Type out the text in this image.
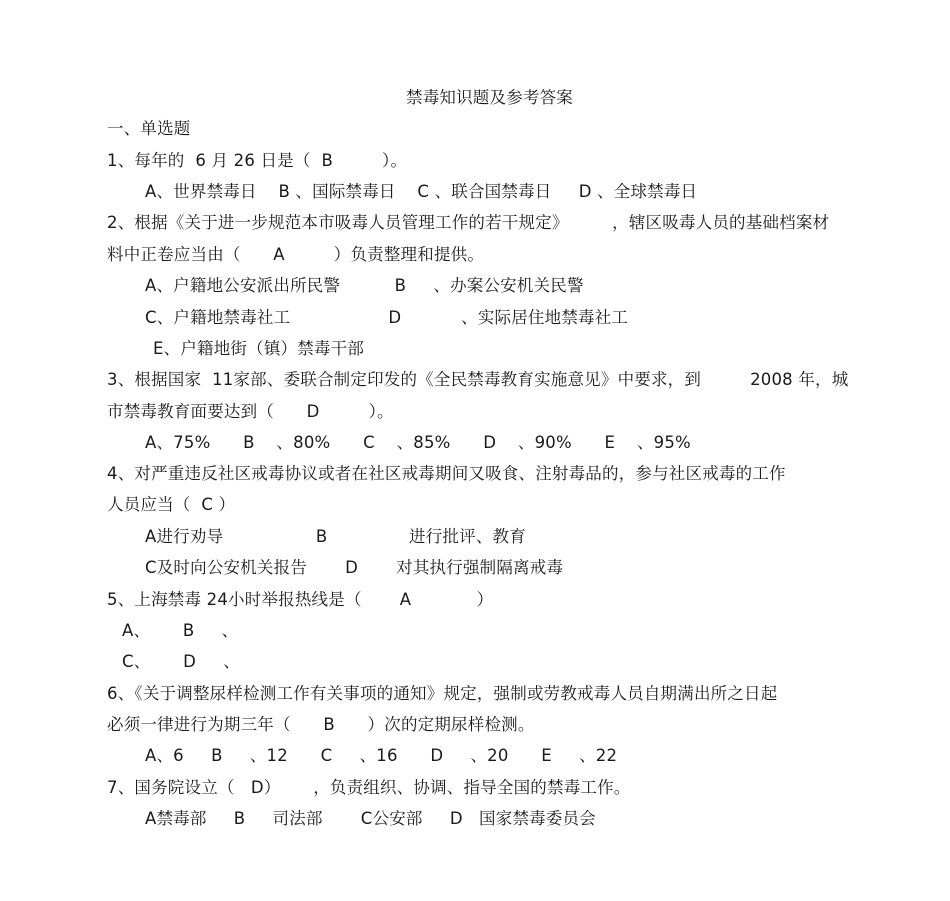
禁毒知识题及参考答案
一、单选题
1、每年的  6 月 26 日是（  B         ）。
A、世界禁毒日    B 、国际禁毒日    C 、联合国禁毒日     D 、全球禁毒日
2、根据《关于进一步规范本市吸毒人员管理工作的若干规定》        ，辖区吸毒人员的基础档案材
料中正卷应当由（      A         ）负责整理和提供。
A、户籍地公安派出所民警          B     、办案公安机关民警
C、户籍地禁毒社工                  D           、实际居住地禁毒社工
E、户籍地街（镇）禁毒干部
3、根据国家  11家部、委联合制定印发的《全民禁毒教育实施意见》中要求，到         2008 年，城
市禁毒教育面要达到（      D         ）。
A、75%      B    、80%      C    、85%      D    、90%      E    、95%
4、对严重违反社区戒毒协议或者在社区戒毒期间又吸食、注射毒品的，参与社区戒毒的工作
人员应当（  C ）
A进行劝导                 B               进行批评、教育
C及时向公安机关报告       D       对其执行强制隔离戒毒
5、上海禁毒 24小时举报热线是（       A            ）
A、      B     、
C、      D     、
6、《关于调整尿样检测工作有关事项的通知》规定，强制或劳教戒毒人员自期满出所之日起
必须一律进行为期三年（      B      ）次的定期尿样检测。
A、6     B     、12      C     、16      D     、20      E     、22
7、国务院设立（   D）      ，负责组织、协调、指导全国的禁毒工作。
A禁毒部     B     司法部       C公安部     D   国家禁毒委员会
